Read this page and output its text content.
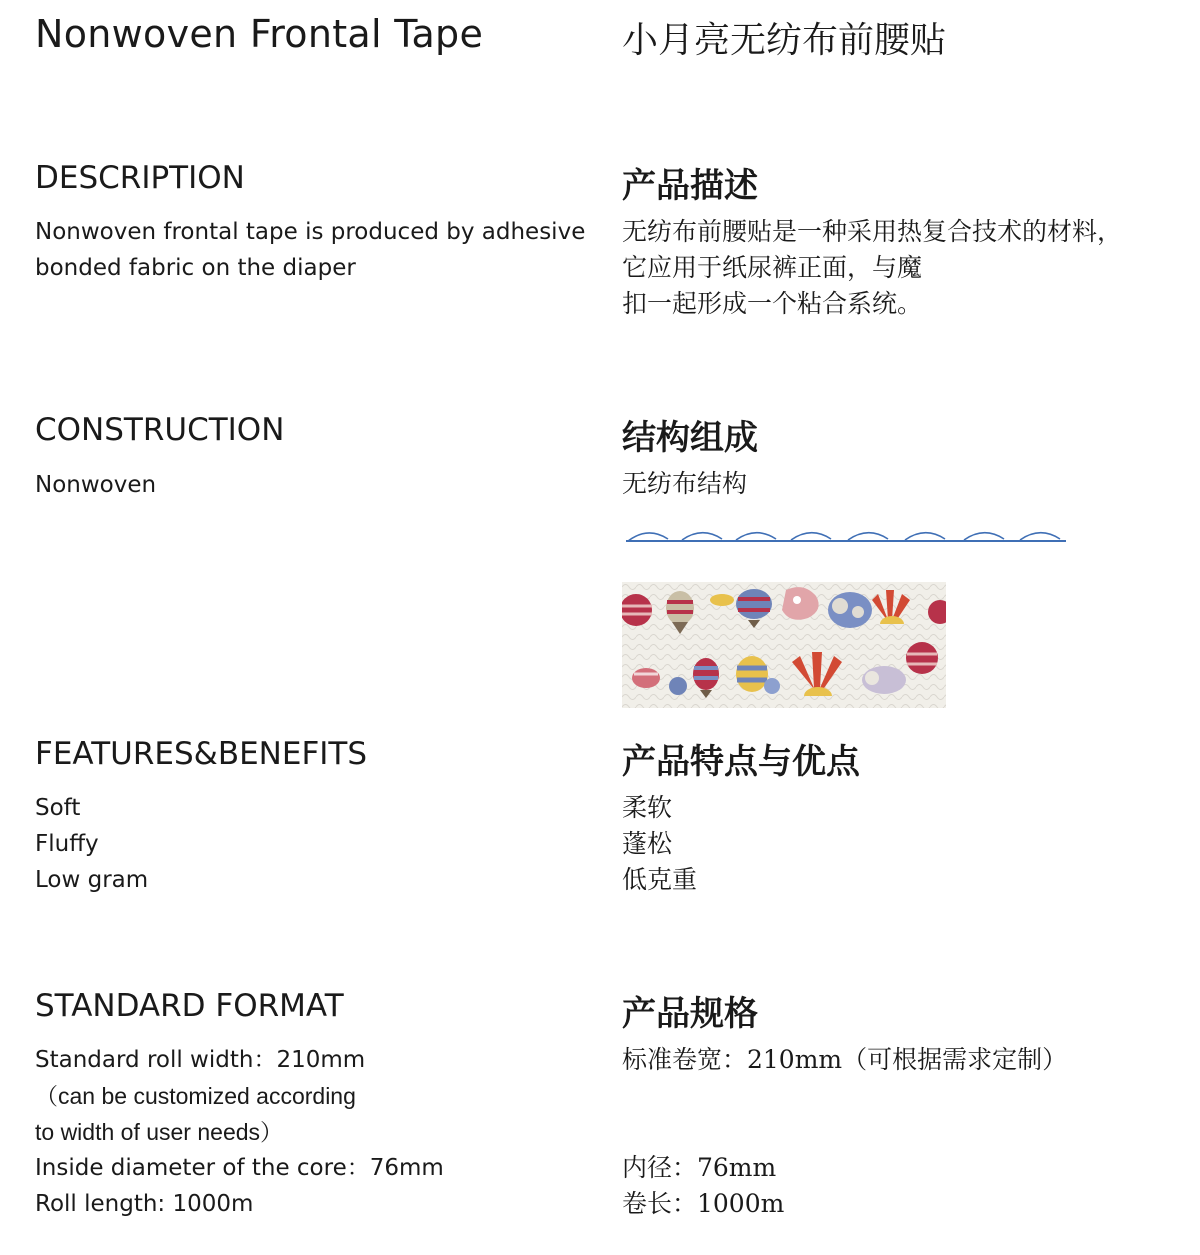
Nonwoven Frontal Tape	小月亮无纺布前腰贴
DESCRIPTION	产品描述
Nonwoven frontal tape is produced by adhesive
bonded fabric on the diaper
无纺布前腰贴是一种采用热复合技术的材料，
它应用于纸尿裤正面，与魔
扣一起形成一个粘合系统。
CONSTRUCTION	结构组成
Nonwoven	无纺布结构
FEATURES&BENEFITS	产品特点与优点
Soft
Fluffy
Low gram
柔软
蓬松
低克重
STANDARD FORMAT	产品规格
Standard roll width：210mm
（can be customized according
to width of user needs）
Inside diameter of the core：76mm
Roll length: 1000m
标准卷宽：210mm（可根据需求定制）
内径：76mm
卷长：1000m
